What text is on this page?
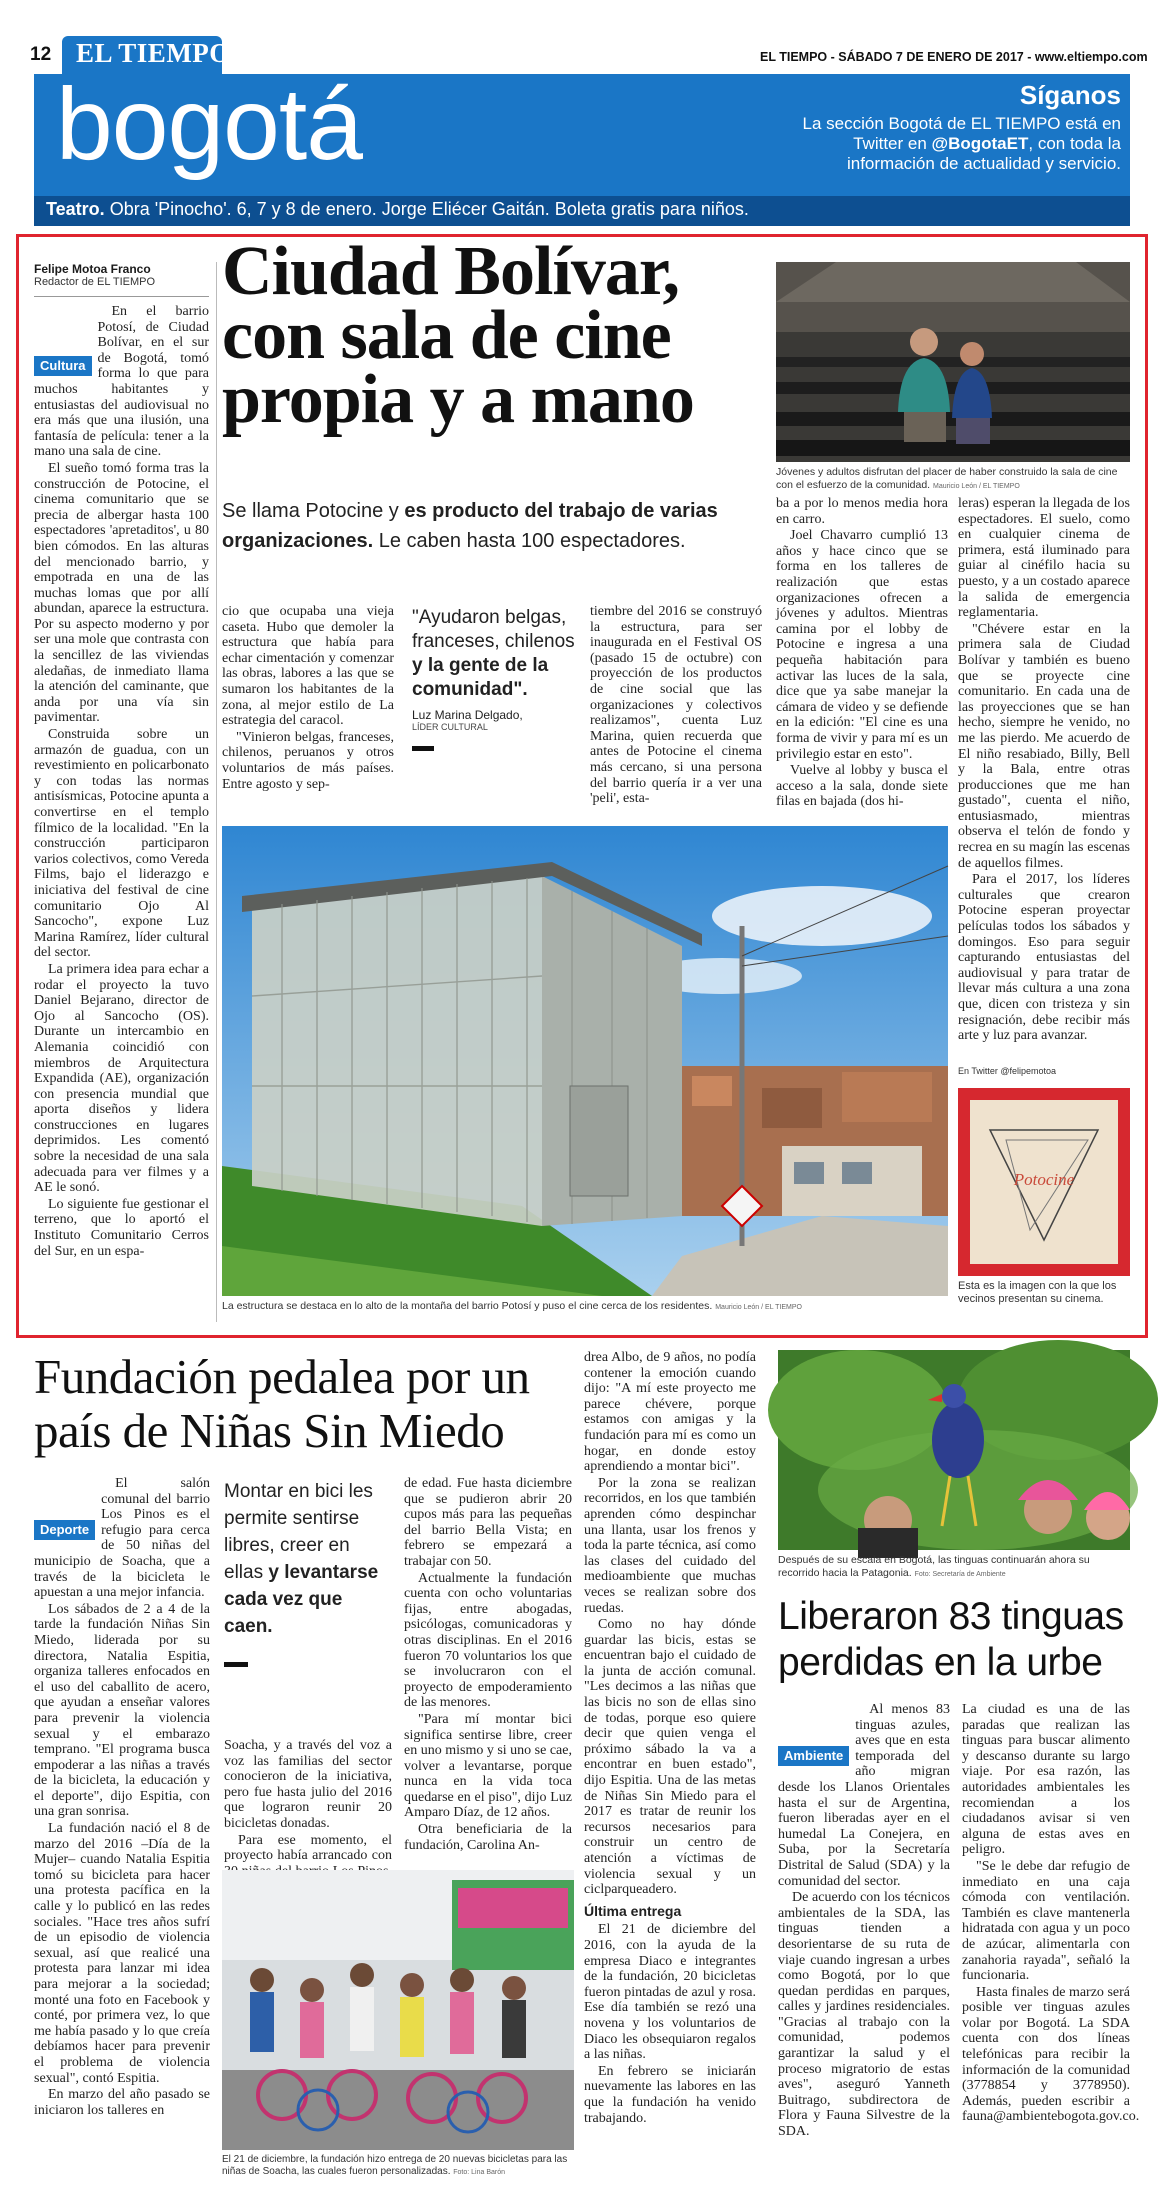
12 EL TIEMPO	EL TIEMPO - SÁBADO 7 DE ENERO DE 2017 - www.eltiempo.com
bogotá	Síganos
La sección Bogotá de EL TIEMPO está en
Twitter en @BogotaET, con toda la
información de actualidad y servicio.
Teatro. Obra 'Pinocho'. 6, 7 y 8 de enero. Jorge Eliécer Gaitán. Boleta gratis para niños.
Felipe Motoa Franco
Redactor de EL TIEMPO Ciudad Bolívar,
con sala de cine
propia y a mano
Se llama Potocine y es producto del trabajo de varias
organizaciones. Le caben hasta 100 espectadores.
Cultura

En el barrio Potosí, de Ciudad Bolívar, en el sur de Bogotá, tomó forma lo que para muchos habitantes y entusiastas del audiovisual no era más que una ilusión, una fantasía de película: tener a la mano una sala de cine.

El sueño tomó forma tras la construcción de Potocine, el cinema comunitario que se precia de albergar hasta 100 espectadores 'apretaditos', u 80 bien cómodos. En las alturas del mencionado barrio, y empotrada en una de las muchas lomas que por allí abundan, aparece la estructura. Por su aspecto moderno y por ser una mole que contrasta con la sencillez de las viviendas aledañas, de inmediato llama la atención del caminante, que anda por una vía sin pavimentar.

Construida sobre un armazón de guadua, con un revestimiento en policarbonato y con todas las normas antisísmicas, Potocine apunta a convertirse en el templo fílmico de la localidad. "En la construcción participaron varios colectivos, como Vereda Films, bajo el liderazgo e iniciativa del festival de cine comunitario Ojo Al Sancocho", expone Luz Marina Ramírez, líder cultural del sector.

La primera idea para echar a rodar el proyecto la tuvo Daniel Bejarano, director de Ojo al Sancocho (OS). Durante un intercambio en Alemania coincidió con miembros de Arquitectura Expandida (AE), organización con presencia mundial que aporta diseños y lidera construcciones en lugares deprimidos. Les comentó sobre la necesidad de una sala adecuada para ver filmes y a AE le sonó.

Lo siguiente fue gestionar el terreno, que lo aportó el Instituto Comunitario Cerros del Sur, en un espa-

cio que ocupaba una vieja caseta. Hubo que demoler la estructura que había para echar cimentación y comenzar las obras, labores a las que se sumaron los habitantes de la zona, al mejor estilo de La estrategia del caracol.

"Vinieron belgas, franceses, chilenos, peruanos y otros voluntarios de más países. Entre agosto y sep-

"Ayudaron belgas, franceses, chilenos y la gente de la comunidad".
Luz Marina Delgado,
LÍDER CULTURAL

tiembre del 2016 se construyó la estructura, para ser inaugurada en el Festival OS (pasado 15 de octubre) con proyección de los productos de cine social que las organizaciones y colectivos realizamos", cuenta Luz Marina, quien recuerda que antes de Potocine el cinema más cercano, si una persona del barrio quería ir a ver una 'peli', esta-

Jóvenes y adultos disfrutan del placer de haber construido la sala de cine con el esfuerzo de la comunidad. Mauricio León / EL TIEMPO

ba a por lo menos media hora en carro.

Joel Chavarro cumplió 13 años y hace cinco que se forma en los talleres de realización que estas organizaciones ofrecen a jóvenes y adultos. Mientras camina por el lobby de Potocine e ingresa a una pequeña habitación para activar las luces de la sala, dice que ya sabe manejar la cámara de video y se defiende en la edición: "El cine es una forma de vivir y para mí es un privilegio estar en esto".

Vuelve al lobby y busca el acceso a la sala, donde siete filas en bajada (dos hi-

leras) esperan la llegada de los espectadores. El suelo, como en cualquier cinema de primera, está iluminado para guiar al cinéfilo hacia su puesto, y a un costado aparece la salida de emergencia reglamentaria.

"Chévere estar en la primera sala de Ciudad Bolívar y también es bueno que se proyecte cine comunitario. En cada una de las proyecciones que se han hecho, siempre he venido, no me las pierdo. Me acuerdo de El niño resabiado, Billy, Bell y la Bala, entre otras producciones que me han gustado", cuenta el niño, entusiasmado, mientras observa el telón de fondo y recrea en su magín las escenas de aquellos filmes.

Para el 2017, los líderes culturales que crearon Potocine esperan proyectar películas todos los sábados y domingos. Eso para seguir capturando entusiastas del audiovisual y para tratar de llevar más cultura a una zona que, dicen con tristeza y sin resignación, debe recibir más arte y luz para avanzar.

En Twitter @felipemotoa
La estructura se destaca en lo alto de la montaña del barrio Potosí y puso el cine cerca de los residentes. Mauricio León / EL TIEMPO
Potocine
Esta es la imagen con la que los vecinos presentan su cinema.
Fundación pedalea por un
país de Niñas Sin Miedo
Deporte

El salón comunal del barrio Los Pinos es el refugio para cerca de 50 niñas del municipio de Soacha, que a través de la bicicleta le apuestan a una mejor infancia.

Los sábados de 2 a 4 de la tarde la fundación Niñas Sin Miedo, liderada por su directora, Natalia Espitia, organiza talleres enfocados en el uso del caballito de acero, que ayudan a enseñar valores para prevenir la violencia sexual y el embarazo temprano. "El programa busca empoderar a las niñas a través de la bicicleta, la educación y el deporte", dijo Espitia, con una gran sonrisa.

La fundación nació el 8 de marzo del 2016 –Día de la Mujer– cuando Natalia Espitia tomó su bicicleta para hacer una protesta pacífica en la calle y lo publicó en las redes sociales. "Hace tres años sufrí de un episodio de violencia sexual, así que realicé una protesta para lanzar mi idea para mejorar a la sociedad; monté una foto en Facebook y conté, por primera vez, lo que me había pasado y lo que creía debíamos hacer para prevenir el problema de violencia sexual", contó Espitia.

En marzo del año pasado se iniciaron los talleres en

Montar en bici les permite sentirse libres, creer en ellas y levantarse cada vez que caen.

Soacha, y a través del voz a voz las familias del sector conocieron de la iniciativa, pero fue hasta julio del 2016 que lograron reunir 20 bicicletas donadas.

Para ese momento, el proyecto había arrancado con

de edad. Fue hasta diciembre que se pudieron abrir 20 cupos más para las pequeñas del barrio Bella Vista; en febrero se empezará a trabajar con 50.

Actualmente la fundación cuenta con ocho voluntarias fijas, entre abogadas, psicólogas, comunicadoras y otras disciplinas. En el 2016 fueron 70 voluntarios los que se involucraron con el proyecto de empoderamiento de las menores.

"Para mí montar bici significa sentirse libre, creer en uno mismo y si uno se cae, volver a levantarse, porque nunca en la vida toca quedarse en el piso", dijo Luz Amparo Díaz, de 12 años.

Otra beneficiaria de la fundación, Carolina An-

drea Albo, de 9 años, no podía contener la emoción cuando dijo: "A mí este proyecto me parece chévere, porque estamos con amigas y la fundación para mí es como un hogar, en donde estoy aprendiendo a montar bici".

Por la zona se realizan recorridos, en los que también aprenden cómo despinchar una llanta, usar los frenos y toda la parte técnica, así como las clases del cuidado del medioambiente que muchas veces se realizan sobre dos ruedas.

Como no hay dónde guardar las bicis, estas se encuentran bajo el cuidado de la junta de acción comunal. "Les decimos a las niñas que las bicis no son de ellas sino de todas, porque eso quiere decir que quien venga el próximo sábado la va a encontrar en buen estado", dijo Espitia. Una de las metas de Niñas Sin Miedo para el 2017 es tratar de reunir los recursos necesarios para construir un centro de atención a víctimas de violencia sexual y un ciclparqueadero.

Última entrega

El 21 de diciembre del 2016, con la ayuda de la empresa Diaco e integrantes de la fundación, 20 bicicletas fueron pintadas de azul y rosa. Ese día también se rezó una novena y los voluntarios de Diaco les obsequiaron regalos a las niñas.

En febrero se iniciarán nuevamente las labores en las que la fundación ha venido trabajando.

El 21 de diciembre, la fundación hizo entrega de 20 nuevas bicicletas para las niñas de Soacha, las cuales fueron personalizadas. Foto: Lina Barón
Después de su escala en Bogotá, las tinguas continuarán ahora su recorrido hacia la Patagonia. Foto: Secretaría de Ambiente
Liberaron 83 tinguas
perdidas en la urbe
Ambiente

Al menos 83 tinguas azules, aves que en esta temporada del año migran desde los Llanos Orientales hasta el sur de Argentina, fueron liberadas ayer en el humedal La Conejera, en Suba, por la Secretaría Distrital de Salud (SDA) y la comunidad del sector.

De acuerdo con los técnicos ambientales de la SDA, las tinguas tienden a desorientarse de su ruta de viaje cuando ingresan a urbes como Bogotá, por lo que quedan perdidas en parques, calles y jardines residenciales. "Gracias al trabajo con la comunidad, podemos garantizar la salud y el proceso migratorio de estas aves", aseguró Yanneth Buitrago, subdirectora de Flora y Fauna Silvestre de la SDA.

La ciudad es una de las paradas que realizan las tinguas para buscar alimento y descanso durante su largo viaje. Por esa razón, las autoridades ambientales les recomiendan a los ciudadanos avisar si ven alguna de estas aves en peligro.

"Se le debe dar refugio de inmediato en una caja cómoda con ventilación. También es clave mantenerla hidratada con agua y un poco de azúcar, alimentarla con zanahoria rayada", señaló la funcionaria.

Hasta finales de marzo será posible ver tinguas azules volar por Bogotá. La SDA cuenta con dos líneas telefónicas para recibir la información de la comunidad (3778854 y 3778950). Además, pueden escribir a fauna@ambientebogota.gov.co.
